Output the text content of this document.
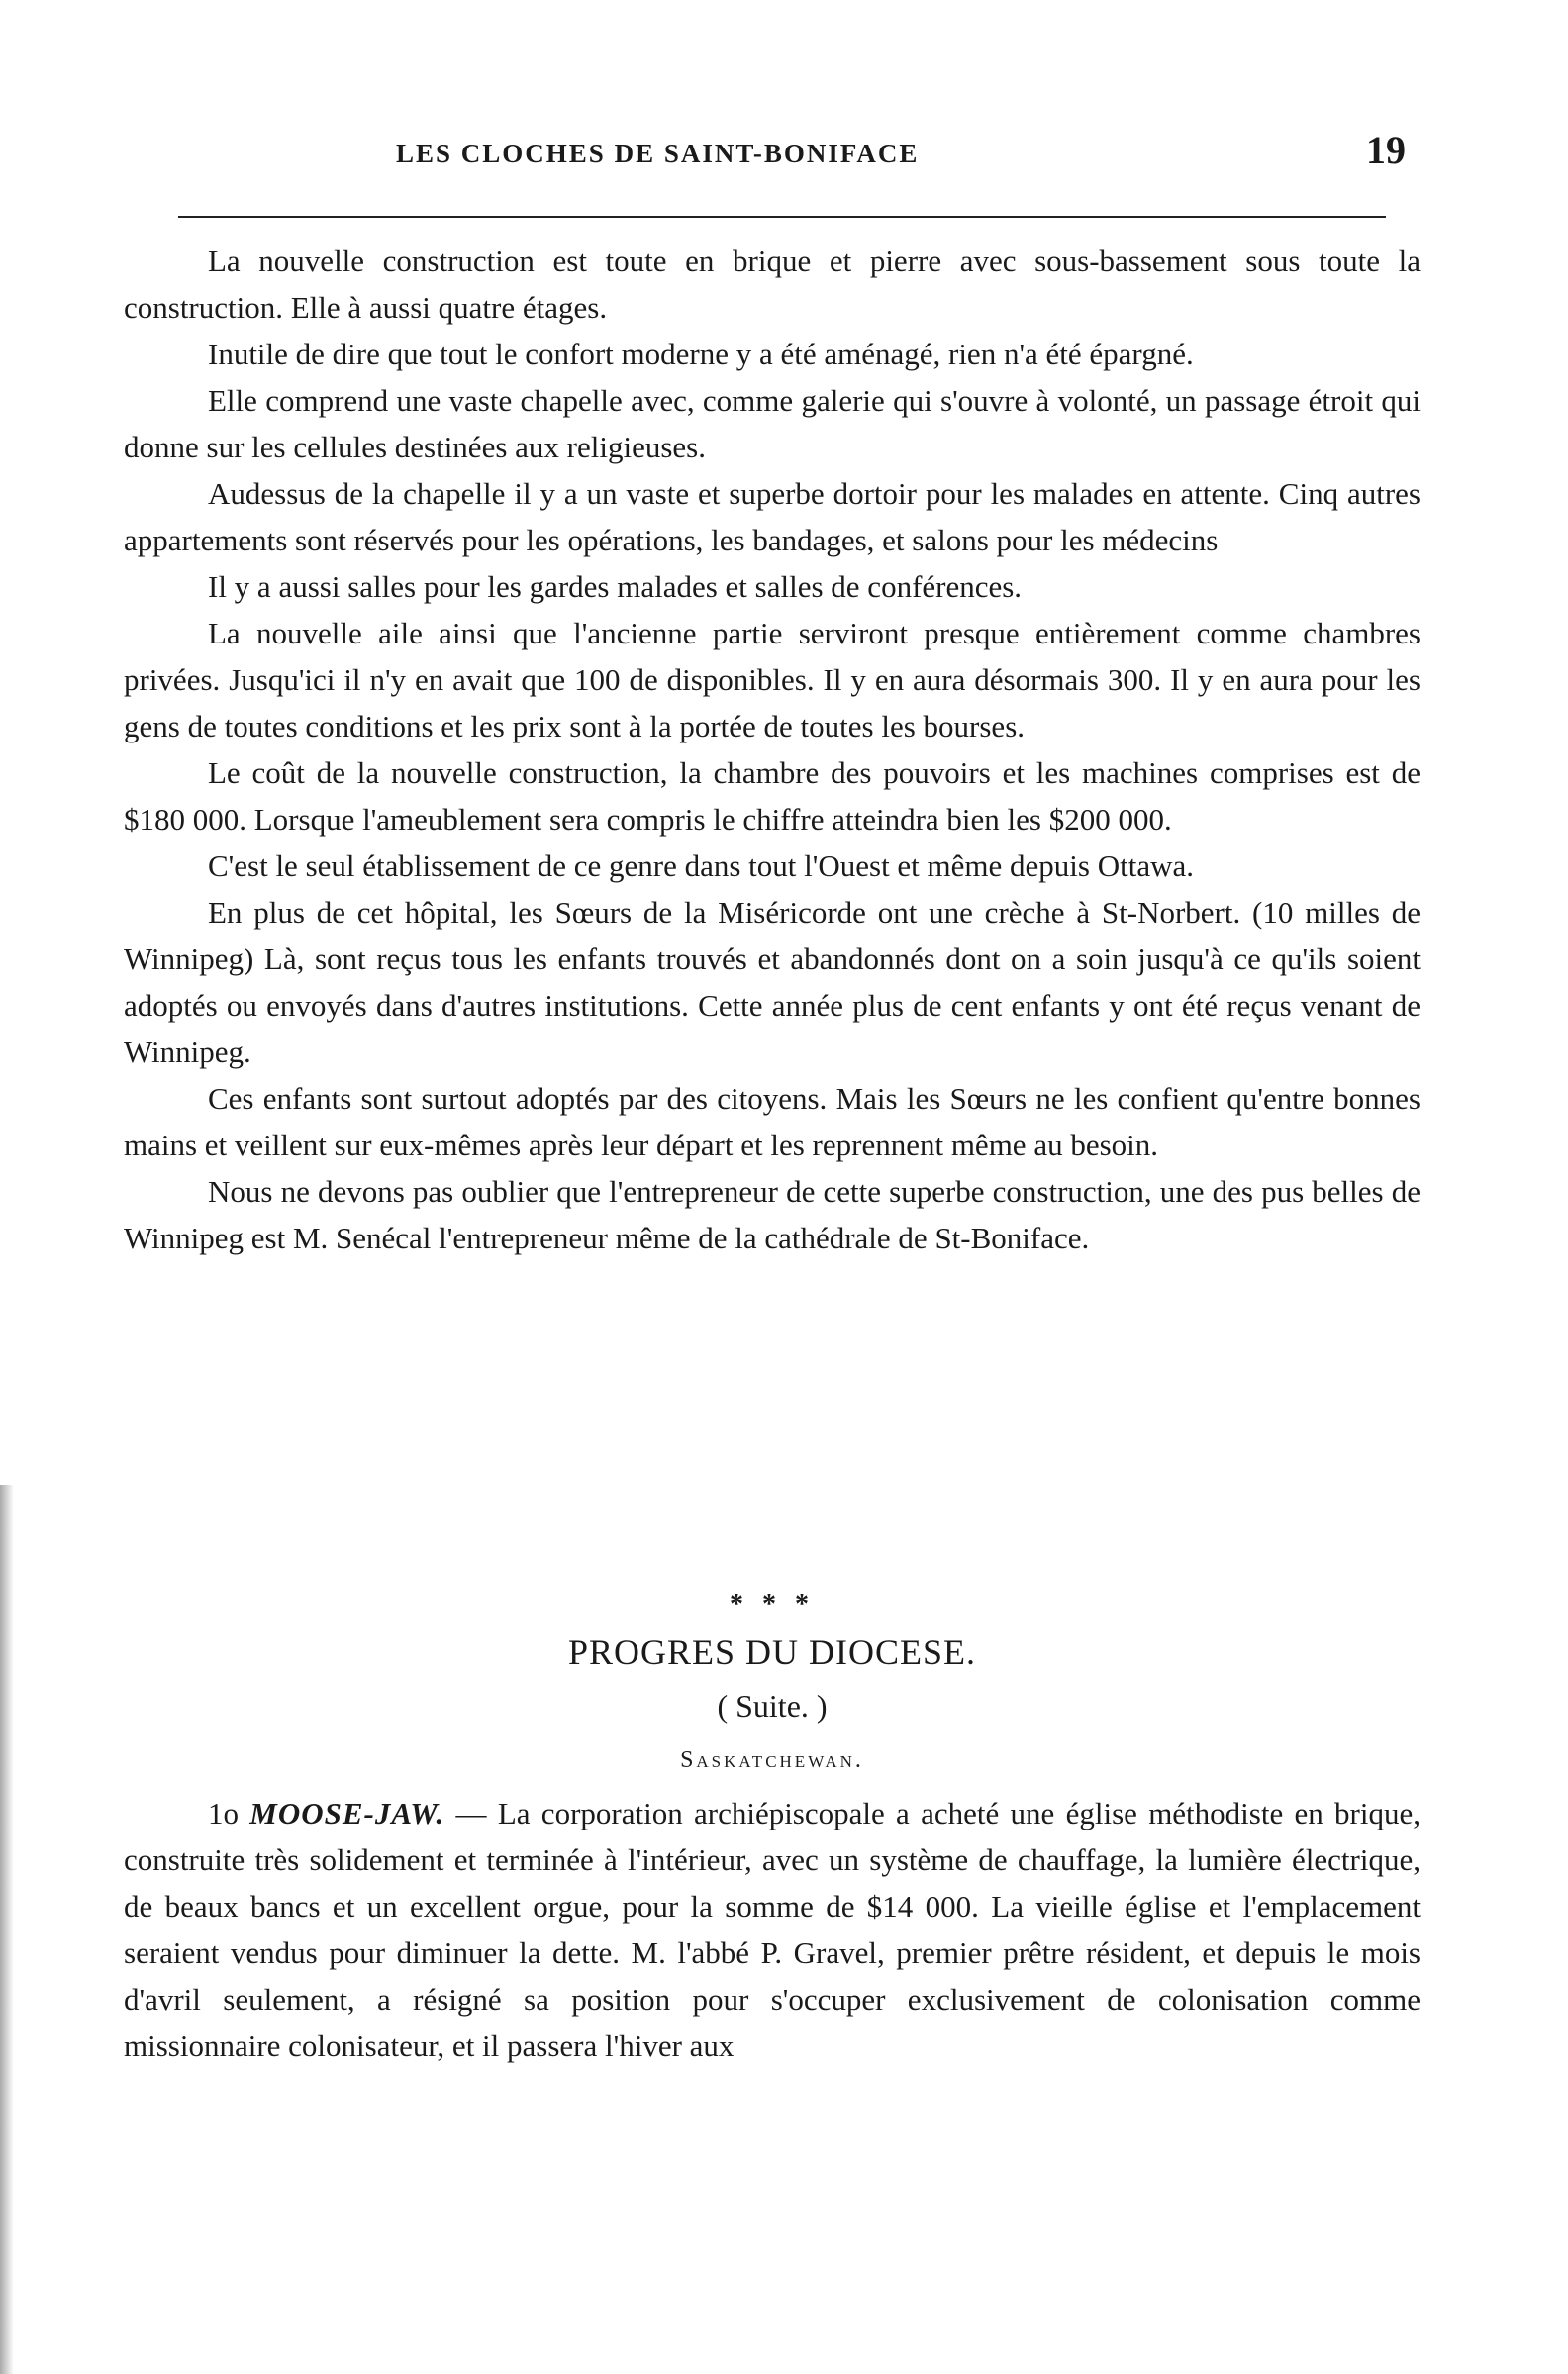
LES CLOCHES DE SAINT-BONIFACE	19

La nouvelle construction est toute en brique et pierre avec sous-bassement sous toute la construction. Elle à aussi quatre étages.

Inutile de dire que tout le confort moderne y a été aménagé, rien n'a été épargné.

Elle comprend une vaste chapelle avec, comme galerie qui s'ouvre à volonté, un passage étroit qui donne sur les cellules destinées aux religieuses.

Audessus de la chapelle il y a un vaste et superbe dortoir pour les malades en attente. Cinq autres appartements sont réservés pour les opérations, les bandages, et salons pour les médecins

Il y a aussi salles pour les gardes malades et salles de conférences.

La nouvelle aile ainsi que l'ancienne partie serviront presque entièrement comme chambres privées. Jusqu'ici il n'y en avait que 100 de disponibles. Il y en aura désormais 300. Il y en aura pour les gens de toutes conditions et les prix sont à la portée de toutes les bourses.

Le coût de la nouvelle construction, la chambre des pouvoirs et les machines comprises est de $180 000. Lorsque l'ameublement sera compris le chiffre atteindra bien les $200 000.

C'est le seul établissement de ce genre dans tout l'Ouest et même depuis Ottawa.

En plus de cet hôpital, les Sœurs de la Miséricorde ont une crèche à St-Norbert. (10 milles de Winnipeg) Là, sont reçus tous les enfants trouvés et abandonnés dont on a soin jusqu'à ce qu'ils soient adoptés ou envoyés dans d'autres institutions. Cette année plus de cent enfants y ont été reçus venant de Winnipeg.

Ces enfants sont surtout adoptés par des citoyens. Mais les Sœurs ne les confient qu'entre bonnes mains et veillent sur eux-mêmes après leur départ et les reprennent même au besoin.

Nous ne devons pas oublier que l'entrepreneur de cette superbe construction, une des pus belles de Winnipeg est M. Senécal l'entrepreneur même de la cathédrale de St-Boniface.

* * *
PROGRES DU DIOCESE.
( Suite. )
Saskatchewan.

1o MOOSE-JAW. — La corporation archiépiscopale a acheté une église méthodiste en brique, construite très solidement et terminée à l'intérieur, avec un système de chauffage, la lumière électrique, de beaux bancs et un excellent orgue, pour la somme de $14 000. La vieille église et l'emplacement seraient vendus pour diminuer la dette. M. l'abbé P. Gravel, premier prêtre résident, et depuis le mois d'avril seulement, a résigné sa position pour s'occuper exclusivement de colonisation comme missionnaire colonisateur, et il passera l'hiver aux
